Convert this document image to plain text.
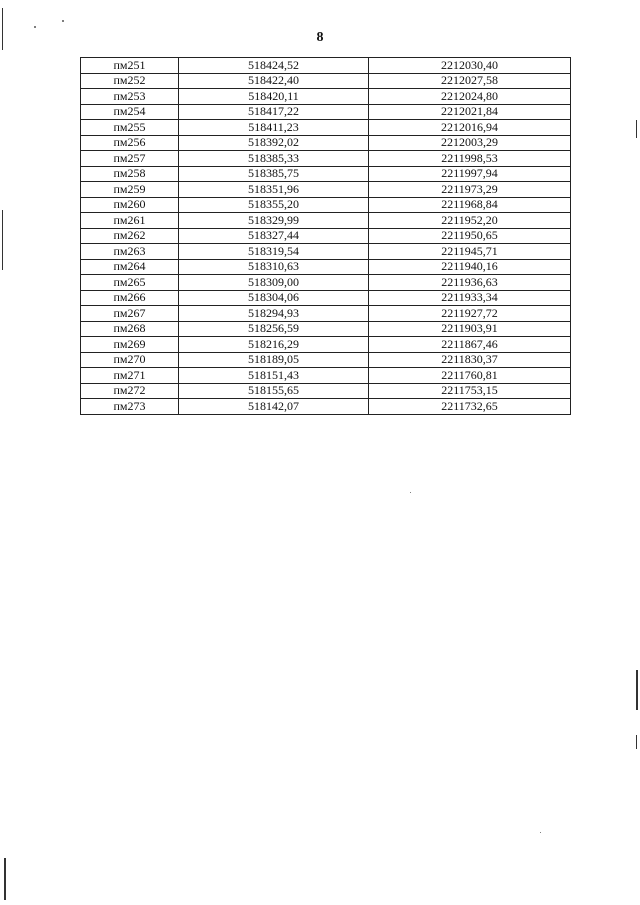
8
пм251	518424,52	2212030,40
пм252	518422,40	2212027,58
пм253	518420,11	2212024,80
пм254	518417,22	2212021,84
пм255	518411,23	2212016,94
пм256	518392,02	2212003,29
пм257	518385,33	2211998,53
пм258	518385,75	2211997,94
пм259	518351,96	2211973,29
пм260	518355,20	2211968,84
пм261	518329,99	2211952,20
пм262	518327,44	2211950,65
пм263	518319,54	2211945,71
пм264	518310,63	2211940,16
пм265	518309,00	2211936,63
пм266	518304,06	2211933,34
пм267	518294,93	2211927,72
пм268	518256,59	2211903,91
пм269	518216,29	2211867,46
пм270	518189,05	2211830,37
пм271	518151,43	2211760,81
пм272	518155,65	2211753,15
пм273	518142,07	2211732,65
